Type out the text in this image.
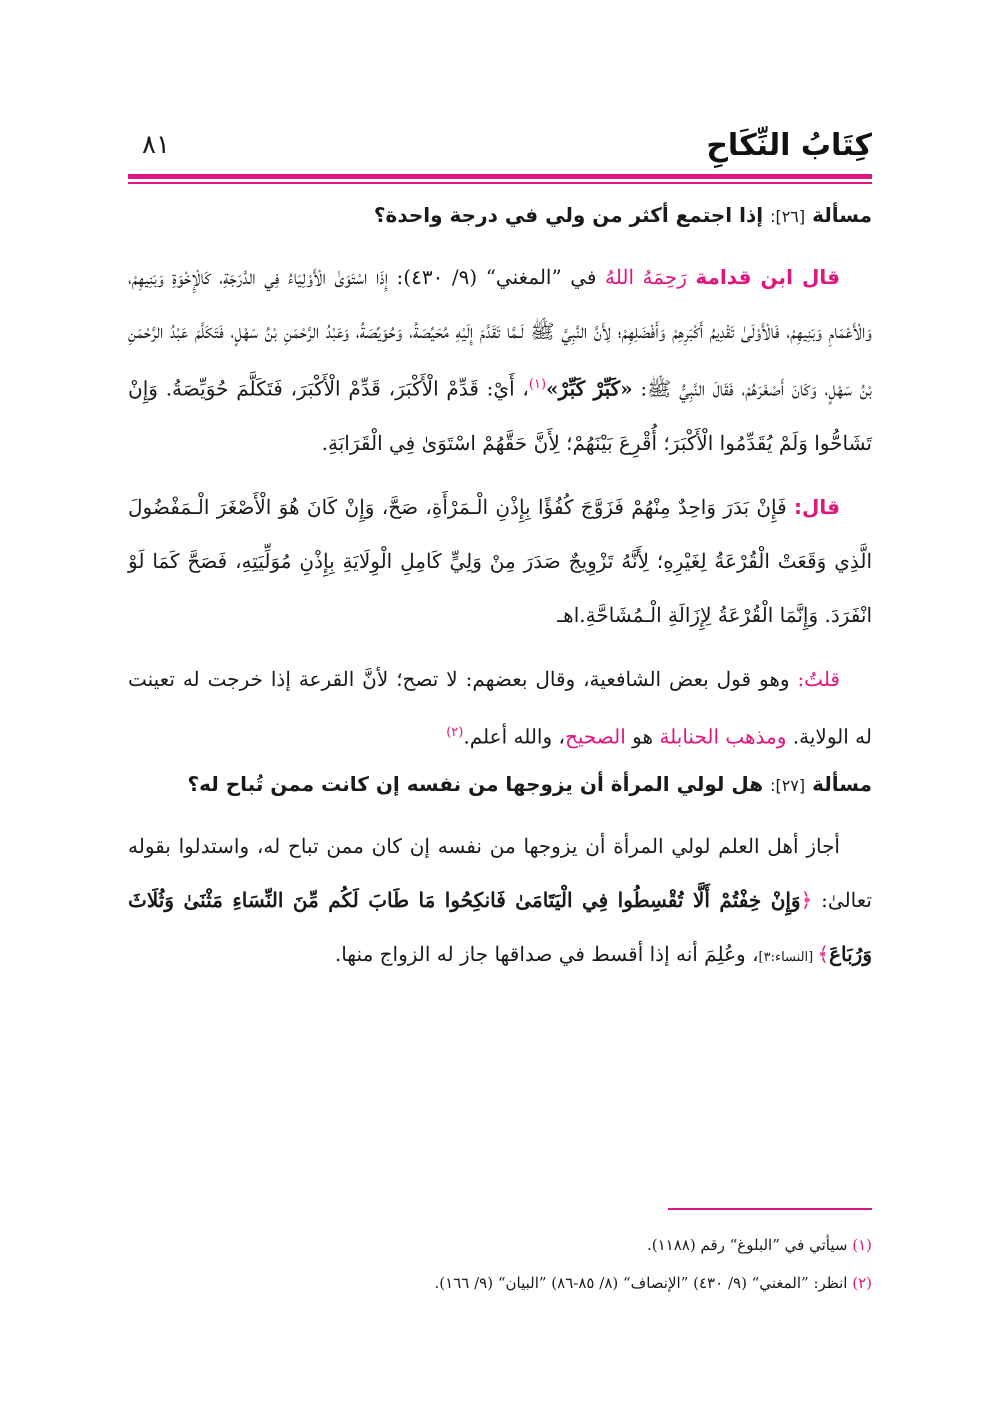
كِتَابُ النِّكَاحِ
٨١
مسألة [٢٦]: إذا اجتمع أكثر من ولي في درجة واحدة؟
قال ابن قدامة رَحِمَهُ اللهُ في ”المغني“ (٩/ ٤٣٠): إِذَا اسْتَوَىٰ الْأَوْلِيَاءُ فِي الدَّرَجَةِ، كَالْإِخْوَةِ وَبَنِيهِمْ، وَالْأَعْمَامِ وَبَنِيهِمْ، فَالْأَوْلَىٰ تَقْدِيمُ أَكْبَرِهِمْ وَأَفْضَلِهِمْ؛ لِأَنَّ النَّبِيَّ ﷺ لَـمَّا تَقَدَّمَ إِلَيْهِ مُحَيِّصَةُ، وَحُوَيِّصَةُ، وَعَبْدُ الرَّحْمَنِ بْنُ سَهْلٍ، فَتَكَلَّمَ عَبْدُ الرَّحْمَنِ بْنُ سَهْلٍ، وَكَانَ أَصْغَرَهُمْ، فَقَالَ النَّبِيُّ ﷺ: «كَبِّرْ كَبِّرْ»$^{(١)}$، أَيْ: قَدِّمْ الْأَكْبَرَ، قَدِّمْ الْأَكْبَرَ، فَتَكَلَّمَ حُوَيِّصَةُ. وَإِنْ تَشَاحُّوا وَلَمْ يُقَدِّمُوا الْأَكْبَرَ؛ أُقْرِعَ بَيْنَهُمْ؛ لِأَنَّ حَقَّهُمْ اسْتَوَىٰ فِي الْقَرَابَةِ.
قال: فَإِنْ بَدَرَ وَاحِدٌ مِنْهُمْ فَزَوَّجَ كُفُؤًا بِإِذْنِ الْـمَرْأَةِ، صَحَّ، وَإِنْ كَانَ هُوَ الْأَصْغَرَ الْـمَفْضُولَ الَّذِي وَقَعَتْ الْقُرْعَةُ لِغَيْرِهِ؛ لِأَنَّهُ تَزْوِيجٌ صَدَرَ مِنْ وَلِيٍّ كَامِلِ الْوِلَايَةِ بِإِذْنِ مُوَلِّيَتِهِ، فَصَحَّ كَمَا لَوْ انْفَرَدَ. وَإِنَّمَا الْقُرْعَةُ لِإِزَالَةِ الْـمُشَاحَّةِ.اهـ
قلتُ: وهو قول بعض الشافعية، وقال بعضهم: لا تصح؛ لأنَّ القرعة إذا خرجت له تعينت له الولاية. ومذهب الحنابلة هو الصحيح، والله أعلم.$^{(٢)}$
مسألة [٢٧]: هل لولي المرأة أن يزوجها من نفسه إن كانت ممن تُباح له؟
أجاز أهل العلم لولي المرأة أن يزوجها من نفسه إن كان ممن تباح له، واستدلوا بقوله تعالىٰ: ﴿وَإِنْ خِفْتُمْ أَلَّا تُقْسِطُوا فِي الْيَتَامَىٰ فَانكِحُوا مَا طَابَ لَكُم مِّنَ النِّسَاءِ مَثْنَىٰ وَثُلَاثَ وَرُبَاعَ﴾ [النساء:٣]، وعُلِمَ أنه إذا أقسط في صداقها جاز له الزواج منها.
(١) سيأتي في ”البلوغ“ رقم (١١٨٨).
(٢) انظر: ”المغني“ (٩/ ٤٣٠) ”الإنصاف“ (٨/ ٨٥-٨٦) ”البيان“ (٩/ ١٦٦).
